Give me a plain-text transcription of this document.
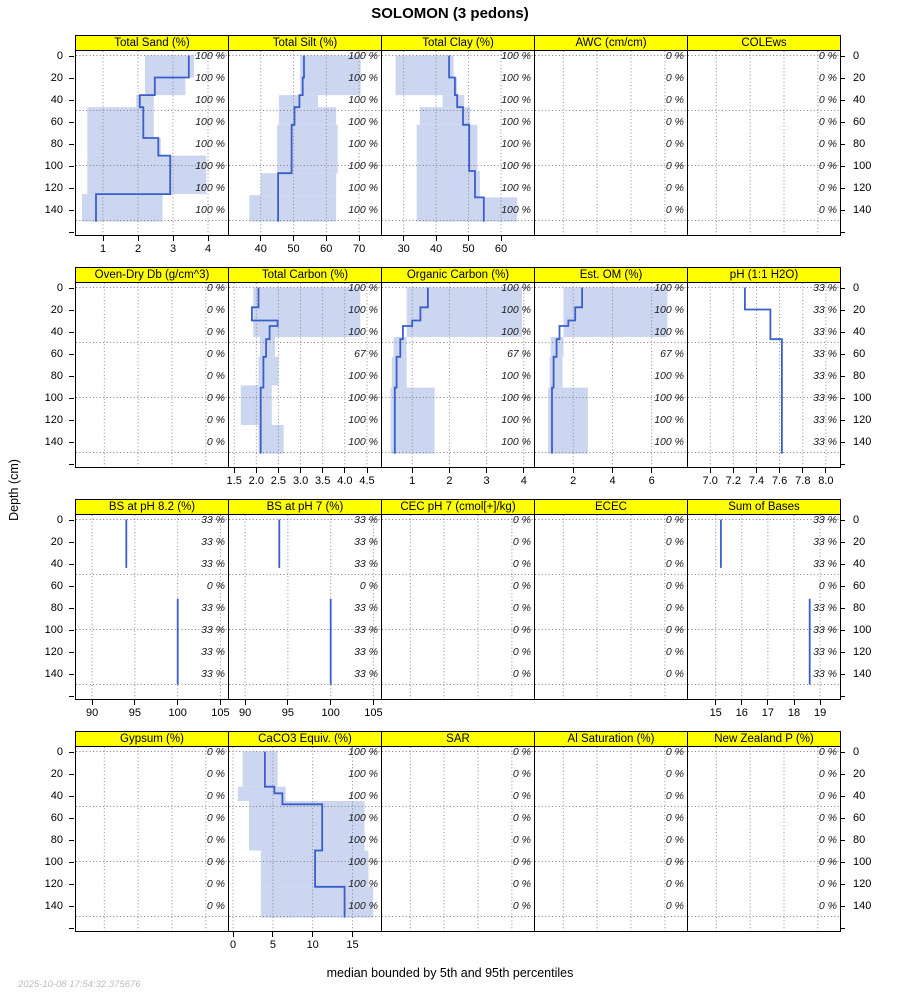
SOLOMON (3 pedons)
Depth (cm)
0
20
40
60
80
100
120
140
0
20
40
60
80
100
120
140
Total Sand (%)
100 %
100 %
100 %
100 %
100 %
100 %
100 %
100 %
1	2	3	4
Total Silt (%)
100 %
100 %
100 %
100 %
100 %
100 %
100 %
100 %
40	50	60	70
Total Clay (%)
100 %
100 %
100 %
100 %
100 %
100 %
100 %
100 %
30	40	50	60
AWC (cm/cm)
0 %
0 %
0 %
0 %
0 %
0 %
0 %
0 %
COLEws
0 %
0 %
0 %
0 %
0 %
0 %
0 %
0 %
0
20
40
60
80
100
120
140
0
20
40
60
80
100
120
140
Oven-Dry Db (g/cm^3)
0 %
0 %
0 %
0 %
0 %
0 %
0 %
0 %
Total Carbon (%)
100 %
100 %
100 %
67 %
100 %
100 %
100 %
100 %
1.5 2.0 2.5 3.0 3.5 4.0 4.5
Organic Carbon (%)
100 %
100 %
100 %
67 %
100 %
100 %
100 %
100 %
1	2	3	4
Est. OM (%)
100 %
100 %
100 %
67 %
100 %
100 %
100 %
100 %
2	4	6
pH (1:1 H2O)
33 %
33 %
33 %
33 %
33 %
33 %
33 %
33 %
7.0 7.2 7.4 7.6 7.8 8.0
0
20
40
60
80
100
120
140
0
20
40
60
80
100
120
140
BS at pH 8.2 (%)
33 %
33 %
33 %
0 %
33 %
33 %
33 %
33 %
90	95	100	105
BS at pH 7 (%)
33 %
33 %
33 %
0 %
33 %
33 %
33 %
33 %
90	95	100	105
CEC pH 7 (cmol[+]/kg)
0 %
0 %
0 %
0 %
0 %
0 %
0 %
0 %
ECEC
0 %
0 %
0 %
0 %
0 %
0 %
0 %
0 %
Sum of Bases
33 %
33 %
33 %
0 %
33 %
33 %
33 %
33 %
15	16	17	18	19
0
20
40
60
80
100
120
140
0
20
40
60
80
100
120
140
Gypsum (%)
0 %
0 %
0 %
0 %
0 %
0 %
0 %
0 %
CaCO3 Equiv. (%)
100 %
100 %
100 %
100 %
100 %
100 %
100 %
100 %
0	5	10	15
SAR
0 %
0 %
0 %
0 %
0 %
0 %
0 %
0 %
Al Saturation (%)
0 %
0 %
0 %
0 %
0 %
0 %
0 %
0 %
New Zealand P (%)
0 %
0 %
0 %
0 %
0 %
0 %
0 %
0 %
median bounded by 5th and 95th percentiles
2025-10-08 17:54:32.375676
